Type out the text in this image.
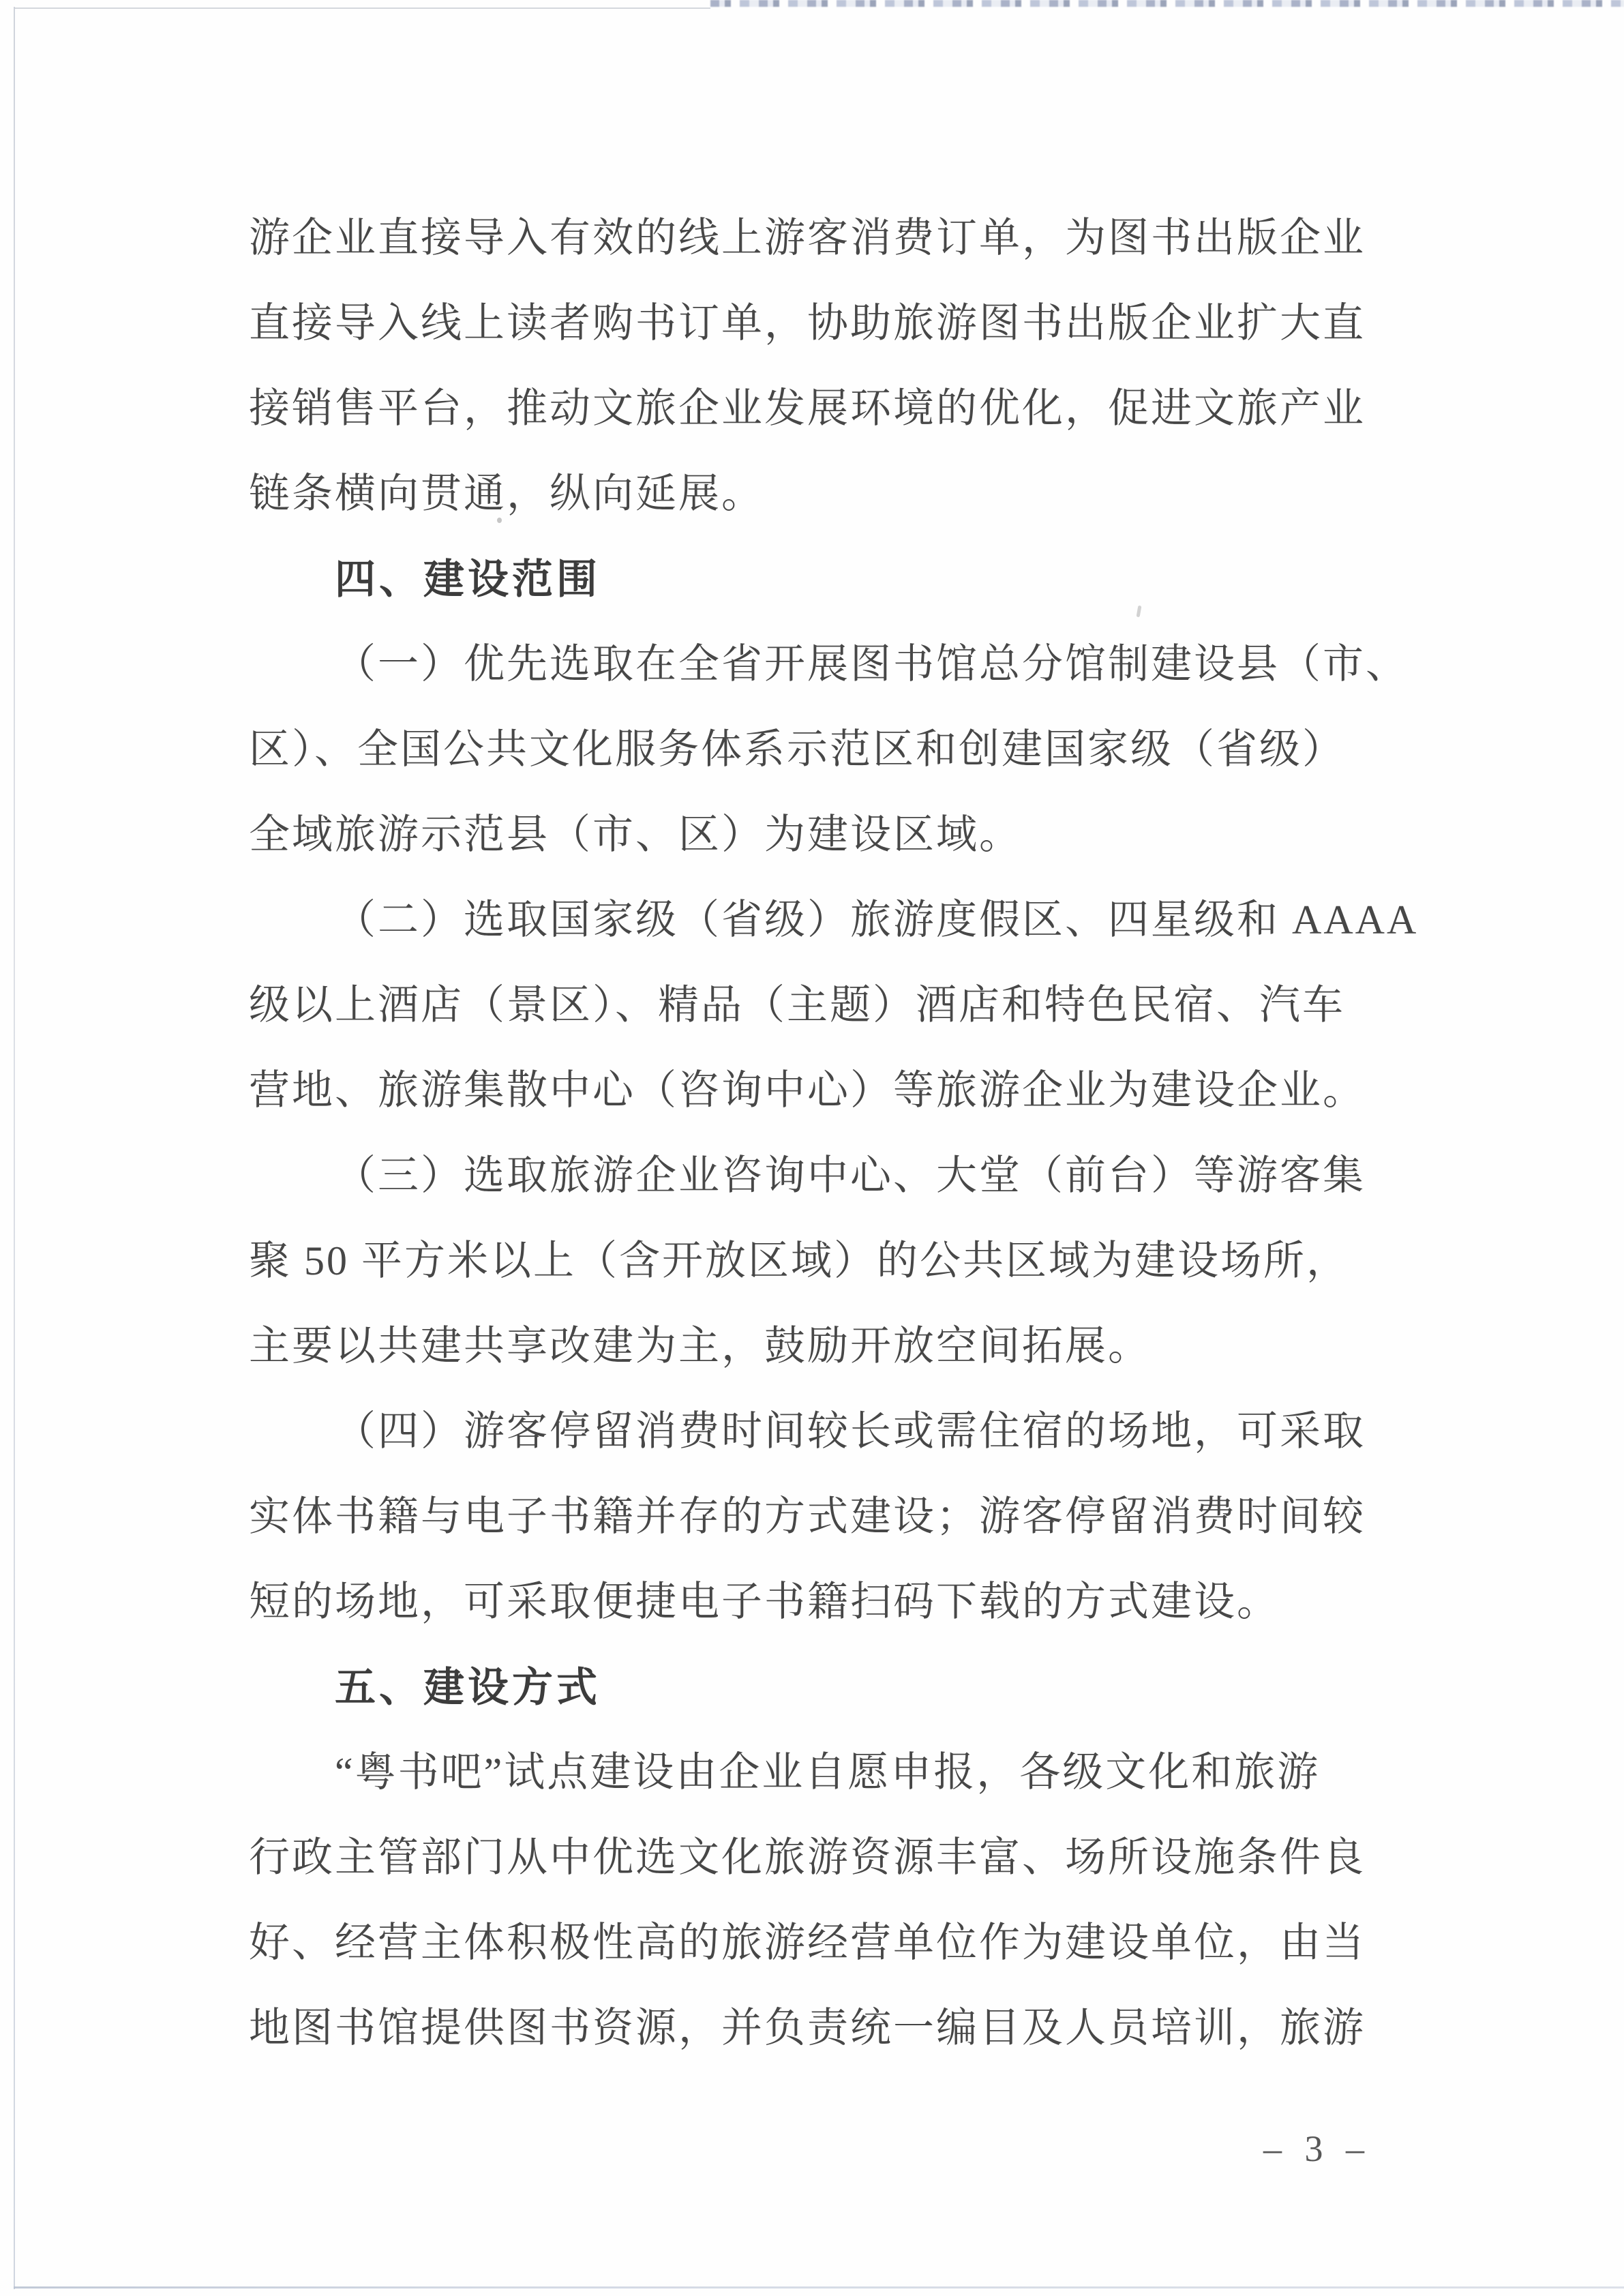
游企业直接导入有效的线上游客消费订单，为图书出版企业
直接导入线上读者购书订单，协助旅游图书出版企业扩大直
接销售平台，推动文旅企业发展环境的优化，促进文旅产业
链条横向贯通，纵向延展。
四、建设范围
（一）优先选取在全省开展图书馆总分馆制建设县（市、
区）、全国公共文化服务体系示范区和创建国家级（省级）
全域旅游示范县（市、区）为建设区域。
（二）选取国家级（省级）旅游度假区、四星级和 AAAA
级以上酒店（景区）、精品（主题）酒店和特色民宿、汽车
营地、旅游集散中心（咨询中心）等旅游企业为建设企业。
（三）选取旅游企业咨询中心、大堂（前台）等游客集
聚 50 平方米以上（含开放区域）的公共区域为建设场所，
主要以共建共享改建为主，鼓励开放空间拓展。
（四）游客停留消费时间较长或需住宿的场地，可采取
实体书籍与电子书籍并存的方式建设；游客停留消费时间较
短的场地，可采取便捷电子书籍扫码下载的方式建设。
五、建设方式
“粤书吧”试点建设由企业自愿申报，各级文化和旅游
行政主管部门从中优选文化旅游资源丰富、场所设施条件良
好、经营主体积极性高的旅游经营单位作为建设单位，由当
地图书馆提供图书资源，并负责统一编目及人员培训，旅游
– 3 –
